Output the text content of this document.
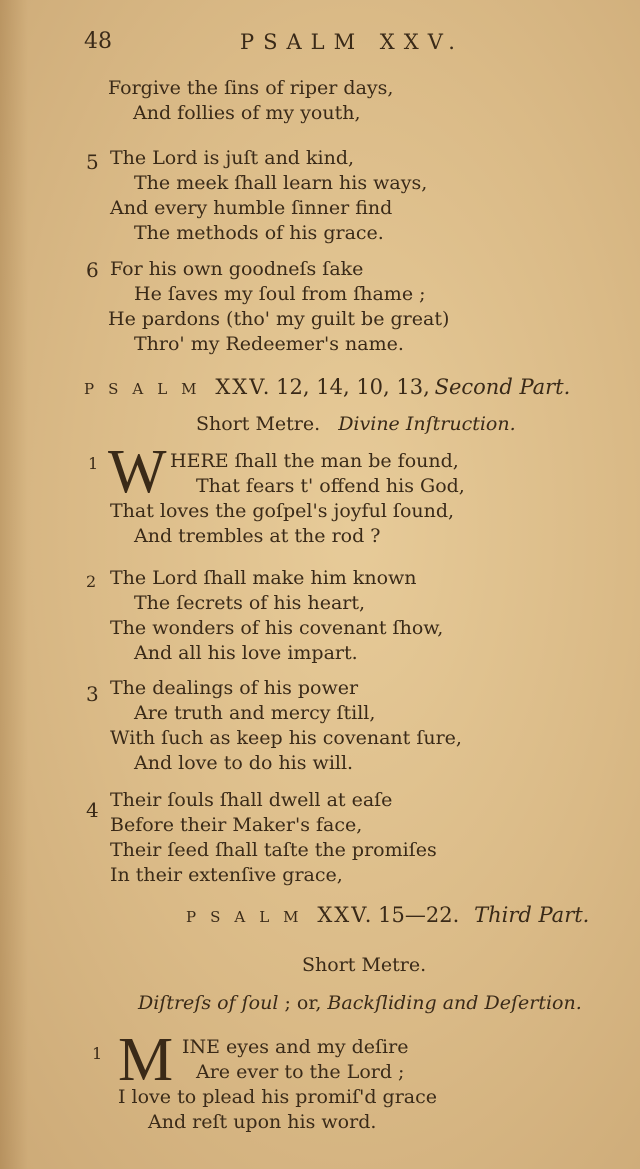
48	PSALM XXV.
Forgive the ſins of riper days,
And follies of my youth,
5 The Lord is juſt and kind,
The meek ſhall learn his ways,
And every humble ſinner find
The methods of his grace.
6 For his own goodneſs ſake
He ſaves my ſoul from ſhame ;
He pardons (tho' my guilt be great)
Thro' my Redeemer's name.
PSALM XXV. 12, 14, 10, 13, Second Part.
Short Metre. Divine Inſtruction.
1 W HERE ſhall the man be found,
That fears t' offend his God,
That loves the goſpel's joyful ſound,
And trembles at the rod ?
2 The Lord ſhall make him known
The ſecrets of his heart,
The wonders of his covenant ſhow,
And all his love impart.
3 The dealings of his power
Are truth and mercy ſtill,
With ſuch as keep his covenant ſure,
And love to do his will.
4 Their ſouls ſhall dwell at eaſe
Before their Maker's face,
Their ſeed ſhall taſte the promiſes
In their extenſive grace,
PSALM XXV. 15—22. Third Part.
Short Metre.
Diſtreſs of ſoul ; or, Backſliding and Deſertion.
1 M INE eyes and my deſire
Are ever to the Lord ;
I love to plead his promiſ'd grace
And reſt upon his word.
